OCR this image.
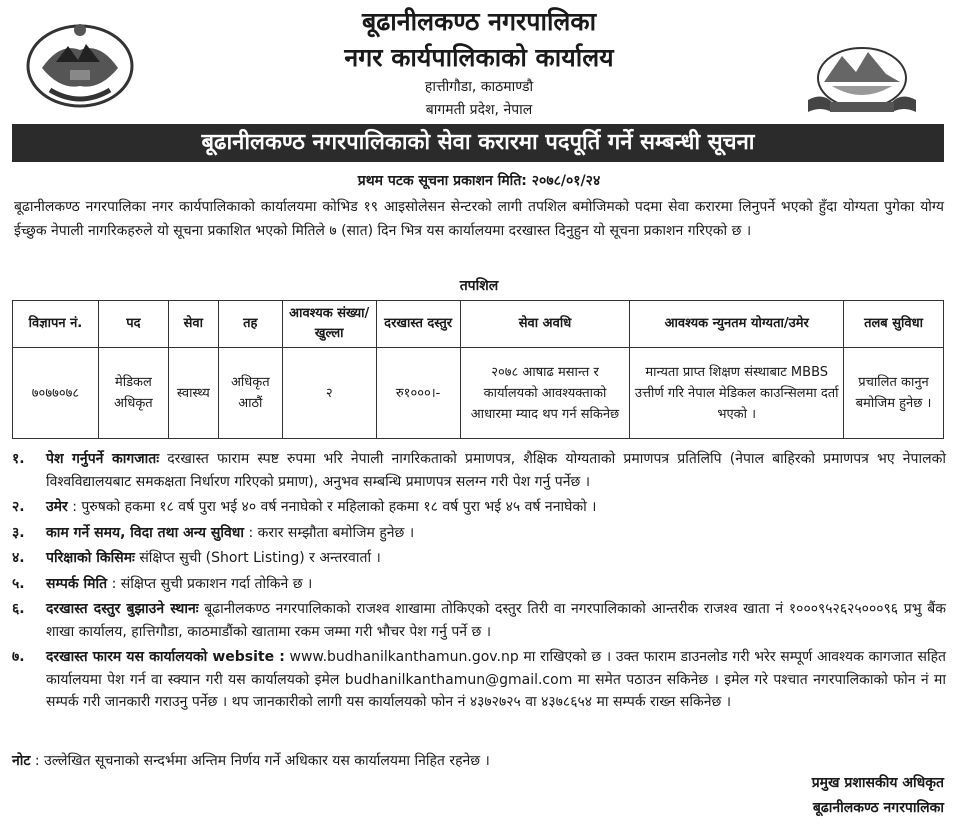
बूढानीलकण्ठ नगरपालिका
नगर कार्यपालिकाको कार्यालय
हात्तीगौडा, काठमाण्डौ
बागमती प्रदेश, नेपाल
बूढानीलकण्ठ नगरपालिकाको सेवा करारमा पदपूर्ति गर्ने सम्बन्धी सूचना
प्रथम पटक सूचना प्रकाशन मिति: २०७८/०१/२४
बूढानीलकण्ठ नगरपालिका नगर कार्यपालिकाको कार्यालयमा कोभिड १९ आइसोलेसन सेन्टरको लागी तपशिल बमोजिमको पदमा सेवा करारमा लिनुपर्ने भएको हुँदा योग्यता पुगेका योग्य ईच्छुक नेपाली नागरिकहरुले यो सूचना प्रकाशित भएको मितिले ७ (सात) दिन भित्र यस कार्यालयमा दरखास्त दिनुहुन यो सूचना प्रकाशन गरिएको छ ।
तपशिल
विज्ञापन नं.	पद	सेवा	तह	आवश्यक संख्या/खुल्ला	दरखास्त दस्तुर	सेवा अवधि	आवश्यक न्युनतम योग्यता/उमेर	तलब सुविधा
७०७७०७८	मेडिकल अधिकृत	स्वास्थ्य	अधिकृत आठौं	२	रु१०००।-	२०७८ आषाढ मसान्त र कार्यालयको आवश्यक्ताको आधारमा म्याद थप गर्न सकिनेछ	मान्यता प्राप्त शिक्षण संस्थाबाट MBBS उत्तीर्ण गरि नेपाल मेडिकल काउन्सिलमा दर्ता भएको ।	प्रचालित कानुन बमोजिम हुनेछ ।
१.	पेश गर्नुपर्ने कागजातः दरखास्त फाराम स्पष्ट रुपमा भरि नेपाली नागरिकताको प्रमाणपत्र, शैक्षिक योग्यताको प्रमाणपत्र प्रतिलिपि (नेपाल बाहिरको प्रमाणपत्र भए नेपालको विश्वविद्यालयबाट समकक्षता निर्धारण गरिएको प्रमाण), अनुभव सम्बन्धि प्रमाणपत्र सलग्न गरी पेश गर्नु पर्नेछ ।
२.	उमेर : पुरुषको हकमा १८ वर्ष पुरा भई ४० वर्ष ननाघेको र महिलाको हकमा १८ वर्ष पुरा भई ४५ वर्ष ननाघेको ।
३.	काम गर्ने समय, विदा तथा अन्य सुविधा : करार सम्झौता बमोजिम हुनेछ ।
४.	परिक्षाको किसिमः संक्षिप्त सुची (Short Listing) र अन्तरवार्ता ।
५.	सम्पर्क मिति : संक्षिप्त सुची प्रकाशन गर्दा तोकिने छ ।
६.	दरखास्त दस्तुर बुझाउने स्थानः बूढानीलकण्ठ नगरपालिकाको राजश्व शाखामा तोकिएको दस्तुर तिरी वा नगरपालिकाको आन्तरीक राजश्व खाता नं १०००९५२६२५०००९६ प्रभु बैंक शाखा कार्यालय, हात्तिगौडा, काठमाडौंको खातामा रकम जम्मा गरी भौचर पेश गर्नु पर्ने छ ।
७.	दरखास्त फारम यस कार्यालयको website : www.budhanilkanthamun.gov.np मा राखिएको छ । उक्त फाराम डाउनलोड गरी भरेर सम्पूर्ण आवश्यक कागजात सहित कार्यालयमा पेश गर्न वा स्क्यान गरी यस कार्यालयको इमेल budhanilkanthamun@gmail.com मा समेत पठाउन सकिनेछ । इमेल गरे पश्चात नगरपालिकाको फोन नं मा सम्पर्क गरी जानकारी गराउनु पर्नेछ । थप जानकारीको लागी यस कार्यालयको फोन नं ४३७२७२५ वा ४३७८६५४ मा सम्पर्क राख्न सकिनेछ ।
नोट : उल्लेखित सूचनाको सन्दर्भमा अन्तिम निर्णय गर्ने अधिकार यस कार्यालयमा निहित रहनेछ ।
प्रमुख प्रशासकीय अधिकृत
बूढानीलकण्ठ नगरपालिका
